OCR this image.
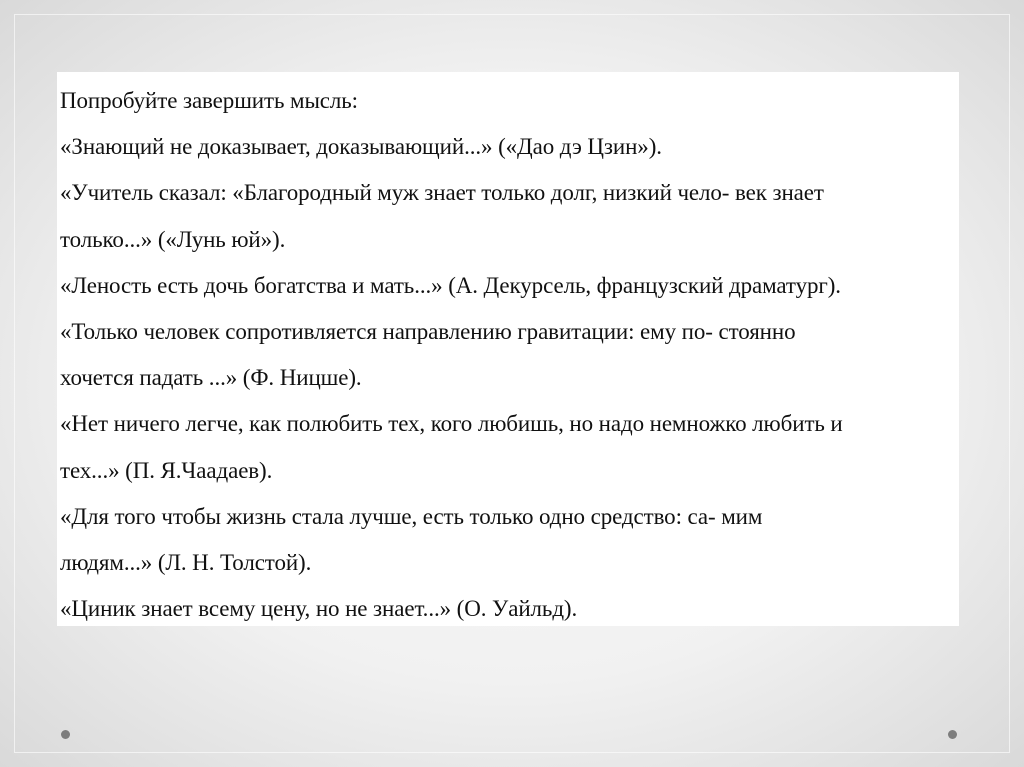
Попробуйте завершить мысль:
«Знающий не доказывает, доказывающий...» («Дао дэ Цзин»).
«Учитель сказал: «Благородный муж знает только долг, низкий чело- век знает
только...» («Лунь юй»).
«Леность есть дочь богатства и мать...» (А. Декурсель, французский драматург).
«Только человек сопротивляется направлению гравитации: ему по- стоянно
хочется падать ...» (Ф. Ницше).
«Нет ничего легче, как полюбить тех, кого любишь, но надо немножко любить и
тех...» (П. Я.Чаадаев).
«Для того чтобы жизнь стала лучше, есть только одно средство: са- мим
людям...» (Л. Н. Толстой).
«Циник знает всему цену, но не знает...» (О. Уайльд).
